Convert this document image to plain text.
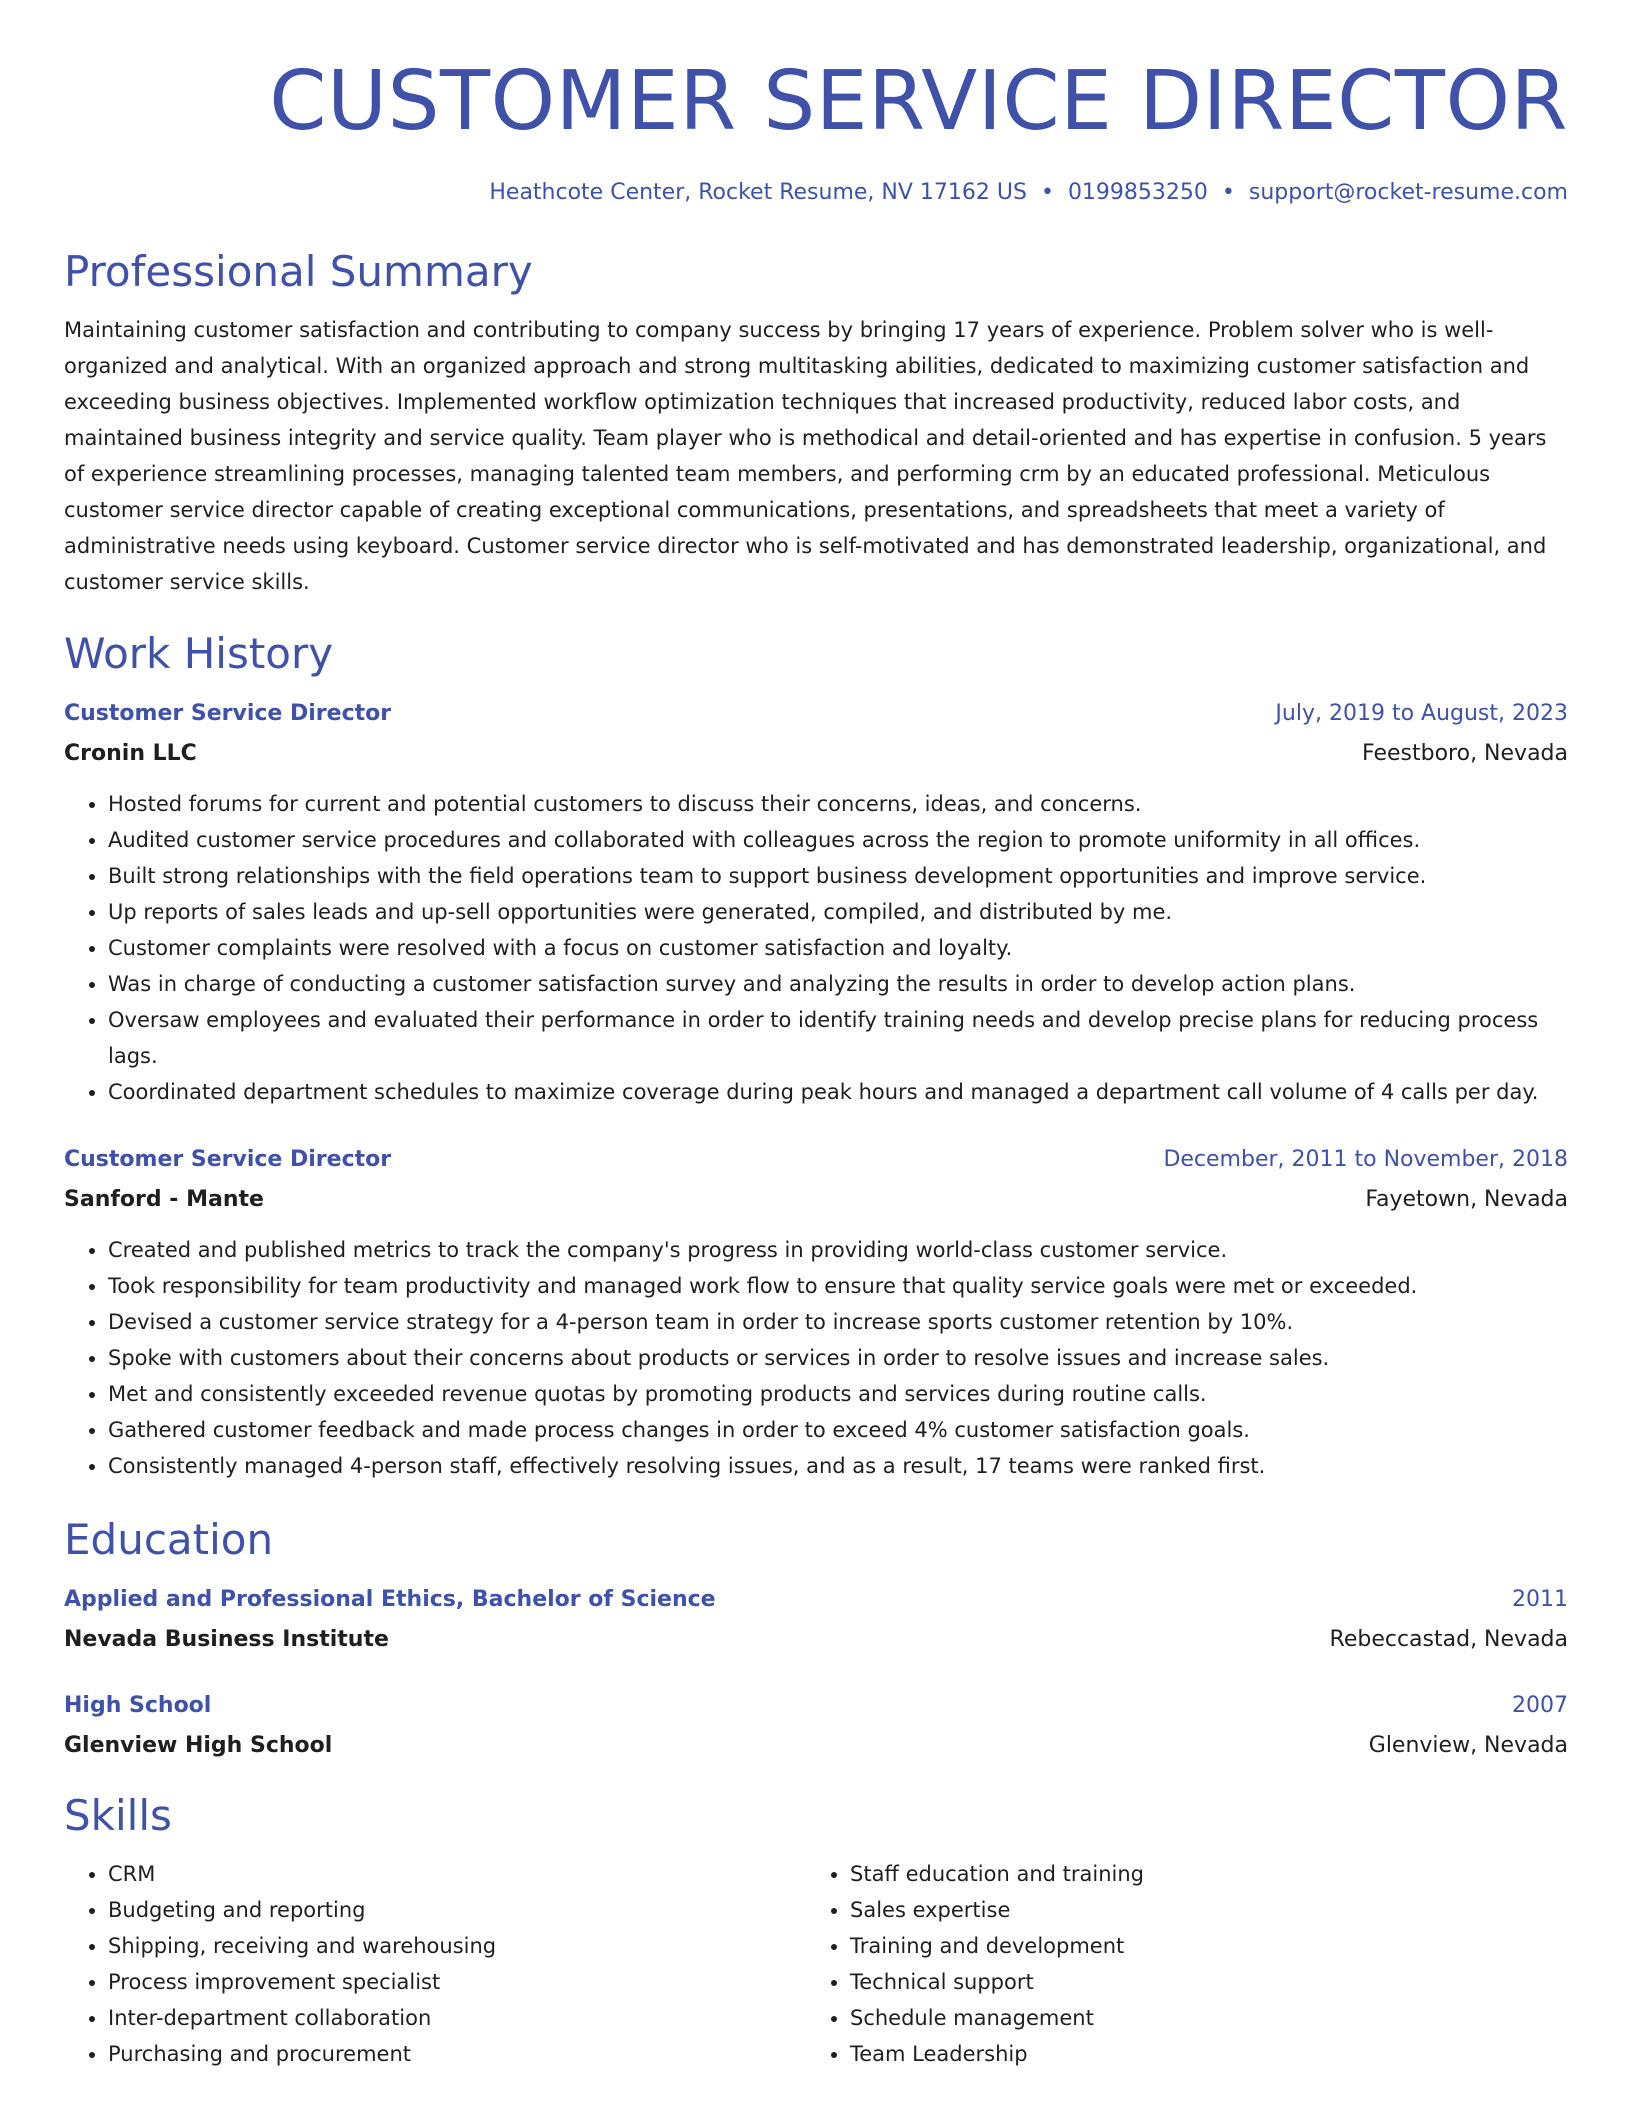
CUSTOMER SERVICE DIRECTOR
Heathcote Center, Rocket Resume, NV 17162 US • 0199853250 • support@rocket-resume.com
Professional Summary
Maintaining customer satisfaction and contributing to company success by bringing 17 years of experience. Problem solver who is well-organized and analytical. With an organized approach and strong multitasking abilities, dedicated to maximizing customer satisfaction and exceeding business objectives. Implemented workflow optimization techniques that increased productivity, reduced labor costs, and maintained business integrity and service quality. Team player who is methodical and detail-oriented and has expertise in confusion. 5 years of experience streamlining processes, managing talented team members, and performing crm by an educated professional. Meticulous customer service director capable of creating exceptional communications, presentations, and spreadsheets that meet a variety of administrative needs using keyboard. Customer service director who is self-motivated and has demonstrated leadership, organizational, and customer service skills.
Work History
Customer Service Director	July, 2019 to August, 2023
Cronin LLC	Feestboro, Nevada
• Hosted forums for current and potential customers to discuss their concerns, ideas, and concerns.
• Audited customer service procedures and collaborated with colleagues across the region to promote uniformity in all offices.
• Built strong relationships with the field operations team to support business development opportunities and improve service.
• Up reports of sales leads and up-sell opportunities were generated, compiled, and distributed by me.
• Customer complaints were resolved with a focus on customer satisfaction and loyalty.
• Was in charge of conducting a customer satisfaction survey and analyzing the results in order to develop action plans.
• Oversaw employees and evaluated their performance in order to identify training needs and develop precise plans for reducing process lags.
• Coordinated department schedules to maximize coverage during peak hours and managed a department call volume of 4 calls per day.
Customer Service Director	December, 2011 to November, 2018
Sanford - Mante	Fayetown, Nevada
• Created and published metrics to track the company's progress in providing world-class customer service.
• Took responsibility for team productivity and managed work flow to ensure that quality service goals were met or exceeded.
• Devised a customer service strategy for a 4-person team in order to increase sports customer retention by 10%.
• Spoke with customers about their concerns about products or services in order to resolve issues and increase sales.
• Met and consistently exceeded revenue quotas by promoting products and services during routine calls.
• Gathered customer feedback and made process changes in order to exceed 4% customer satisfaction goals.
• Consistently managed 4-person staff, effectively resolving issues, and as a result, 17 teams were ranked first.
Education
Applied and Professional Ethics, Bachelor of Science	2011
Nevada Business Institute	Rebeccastad, Nevada
High School	2007
Glenview High School	Glenview, Nevada
Skills
• CRM
• Budgeting and reporting
• Shipping, receiving and warehousing
• Process improvement specialist
• Inter-department collaboration
• Purchasing and procurement
• Staff education and training
• Sales expertise
• Training and development
• Technical support
• Schedule management
• Team Leadership
